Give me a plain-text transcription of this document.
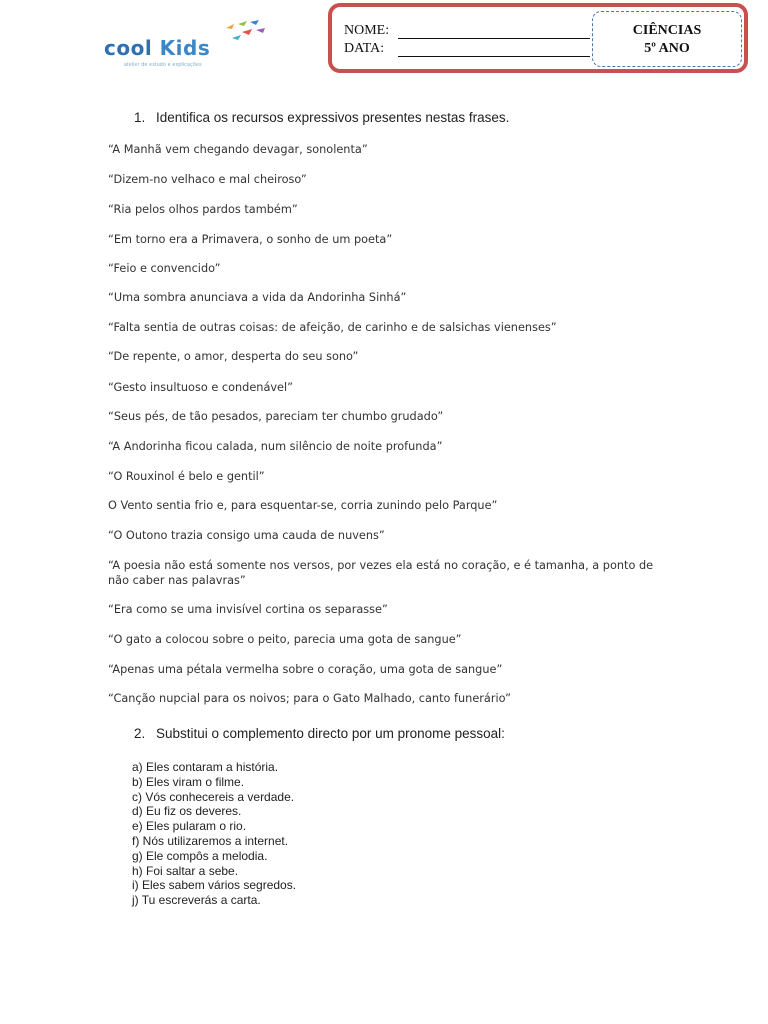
cool Kids
atelier de estudo e explicações
NOME:
DATA:
CIÊNCIAS
5º ANO
1. Identifica os recursos expressivos presentes nestas frases.
“A Manhã vem chegando devagar, sonolenta”
“Dizem-no velhaco e mal cheiroso”
“Ria pelos olhos pardos também”
“Em torno era a Primavera, o sonho de um poeta”
“Feio e convencido”
“Uma sombra anunciava a vida da Andorinha Sinhá”
“Falta sentia de outras coisas: de afeição, de carinho e de salsichas vienenses”
“De repente, o amor, desperta do seu sono”
“Gesto insultuoso e condenável”
“Seus pés, de tão pesados, pareciam ter chumbo grudado”
“A Andorinha ficou calada, num silêncio de noite profunda”
“O Rouxinol é belo e gentil”
O Vento sentia frio e, para esquentar-se, corria zunindo pelo Parque”
“O Outono trazia consigo uma cauda de nuvens”
“A poesia não está somente nos versos, por vezes ela está no coração, e é tamanha, a ponto de não caber nas palavras”
“Era como se uma invisível cortina os separasse”
“O gato a colocou sobre o peito, parecia uma gota de sangue”
“Apenas uma pétala vermelha sobre o coração, uma gota de sangue”
“Canção nupcial para os noivos; para o Gato Malhado, canto funerário”
2. Substitui o complemento directo por um pronome pessoal:
a) Eles contaram a história.
b) Eles viram o filme.
c) Vós conhecereis a verdade.
d) Eu fiz os deveres.
e) Eles pularam o rio.
f) Nós utilizaremos a internet.
g) Ele compôs a melodia.
h) Foi saltar a sebe.
i) Eles sabem vários segredos.
j) Tu escreverás a carta.
